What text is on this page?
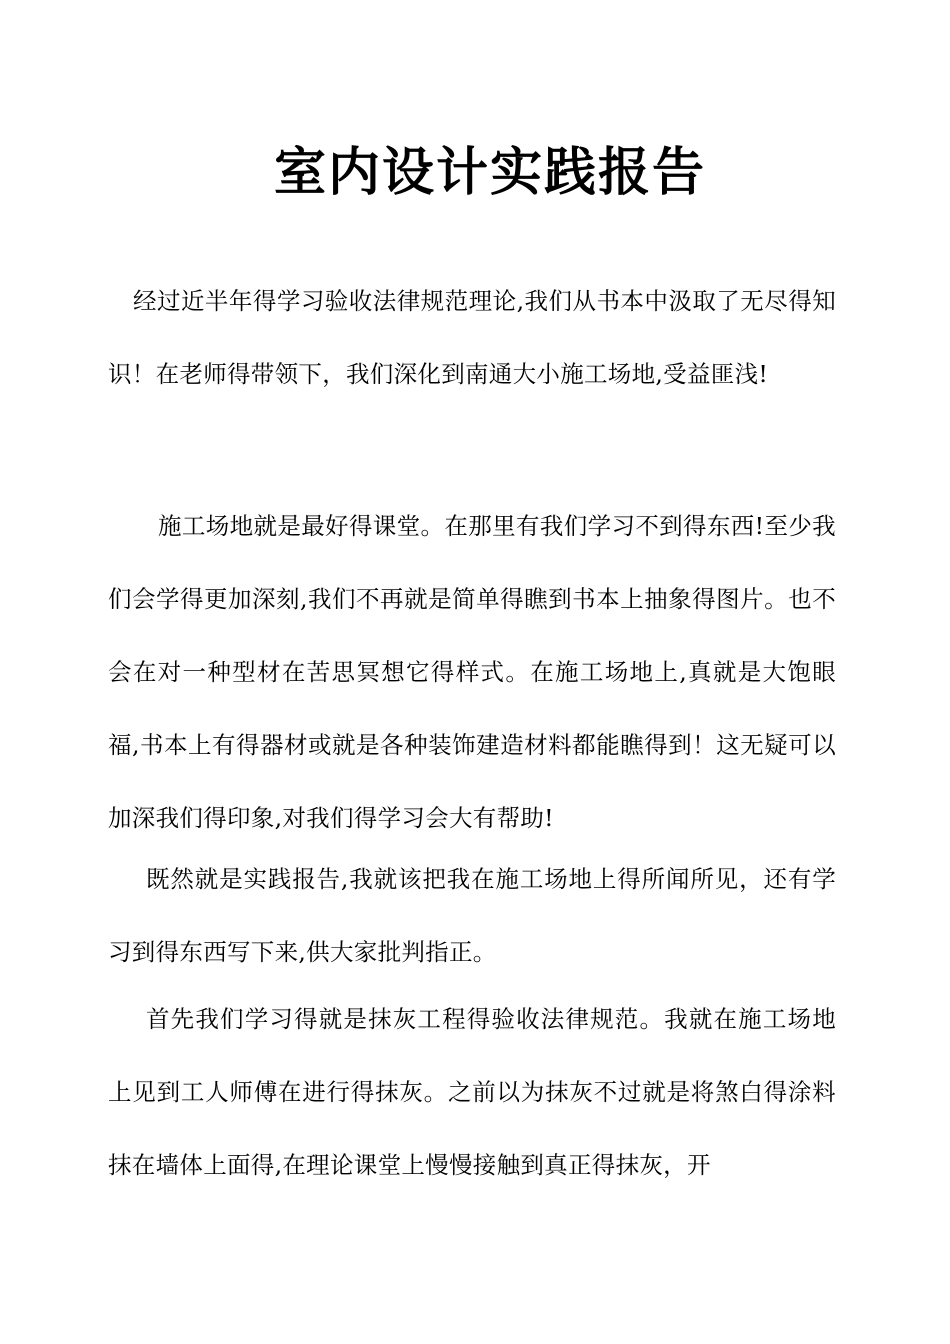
室内设计实践报告

经过近半年得学习验收法律规范理论,我们从书本中汲取了无尽得知识！在老师得带领下，我们深化到南通大小施工场地,受益匪浅!

施工场地就是最好得课堂。在那里有我们学习不到得东西!至少我们会学得更加深刻,我们不再就是简单得瞧到书本上抽象得图片。也不会在对一种型材在苦思冥想它得样式。在施工场地上,真就是大饱眼福,书本上有得器材或就是各种装饰建造材料都能瞧得到！这无疑可以加深我们得印象,对我们得学习会大有帮助!

既然就是实践报告,我就该把我在施工场地上得所闻所见，还有学习到得东西写下来,供大家批判指正。

首先我们学习得就是抹灰工程得验收法律规范。我就在施工场地上见到工人师傅在进行得抹灰。之前以为抹灰不过就是将煞白得涂料抹在墙体上面得,在理论课堂上慢慢接触到真正得抹灰，开
